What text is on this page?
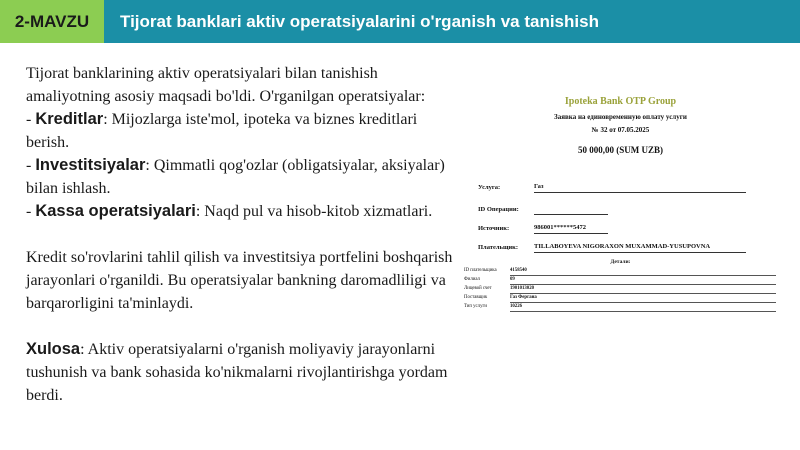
2-MAVZU Tijorat banklari aktiv operatsiyalarini o'rganish va tanishish

Tijorat banklarining aktiv operatsiyalari bilan tanishish amaliyotning asosiy maqsadi bo'ldi. O'rganilgan operatsiyalar:

- Kreditlar: Mijozlarga iste'mol, ipoteka va biznes kreditlari berish.

- Investitsiyalar: Qimmatli qog'ozlar (obligatsiyalar, aksiyalar) bilan ishlash.

- Kassa operatsiyalari: Naqd pul va hisob-kitob xizmatlari.

Kredit so'rovlarini tahlil qilish va investitsiya portfelini boshqarish jarayonlari o'rganildi. Bu operatsiyalar bankning daromadliligi va barqarorligini ta'minlaydi.

Xulosa: Aktiv operatsiyalarni o'rganish moliyaviy jarayonlarni tushunish va bank sohasida ko'nikmalarni rivojlantirishga yordam berdi.

Ipoteka Bank OTP Group
Заявка на единовременную оплату услуги
№ 32 от 07.05.2025
50 000,00 (SUM UZB)
Услуга:	Газ
ID Операции:
Источник:	986001******5472
Плательщик: TILLABOYEVA NIGORAXON MUXAMMAD-YUSUPOVNA
Детали:
ID плательщика	4158540
Филиал	09
Лицевой счет	1901013020
Поставщик	Газ Фергана
Тип услуги	10226
